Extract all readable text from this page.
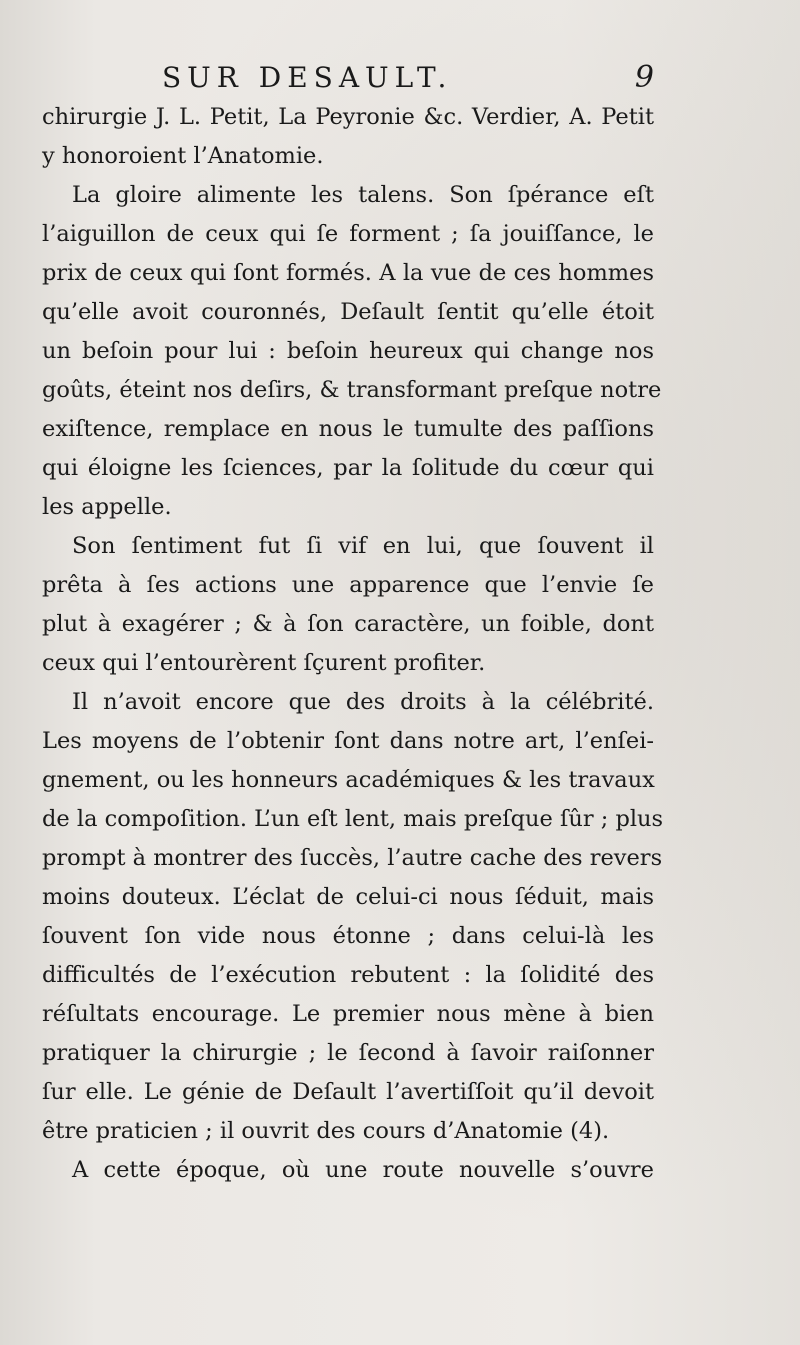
SUR DESAULT.	9

chirurgie J. L. Petit, La Peyronie &c. Verdier, A. Petit
y honoroient l’Anatomie.

La gloire alimente les talens. Son ſpérance eſt
l’aiguillon de ceux qui ſe forment ; ſa jouiſſance, le
prix de ceux qui ſont formés. A la vue de ces hommes
qu’elle avoit couronnés, Deſault ſentit qu’elle étoit
un beſoin pour lui : beſoin heureux qui change nos
goûts, éteint nos deſirs, & transformant preſque notre
exiſtence, remplace en nous le tumulte des paſſions
qui éloigne les ſciences, par la ſolitude du cœur qui
les appelle.

Son ſentiment fut ſi vif en lui, que ſouvent il
prêta à ſes actions une apparence que l’envie ſe
plut à exagérer ; & à ſon caractère, un foible, dont
ceux qui l’entourèrent ſçurent profiter.

Il n’avoit encore que des droits à la célébrité.
Les moyens de l’obtenir ſont dans notre art, l’enſei-
gnement, ou les honneurs académiques & les travaux
de la compoſition. L’un eſt lent, mais preſque ſûr ; plus
prompt à montrer des ſuccès, l’autre cache des revers
moins douteux. L’éclat de celui-ci nous ſéduit, mais
ſouvent ſon vide nous étonne ; dans celui-là les
difficultés de l’exécution rebutent : la ſolidité des
réſultats encourage. Le premier nous mène à bien
pratiquer la chirurgie ; le ſecond à ſavoir raiſonner
ſur elle. Le génie de Deſault l’avertiſſoit qu’il devoit
être praticien ; il ouvrit des cours d’Anatomie (4).

A cette époque, où une route nouvelle s’ouvre
